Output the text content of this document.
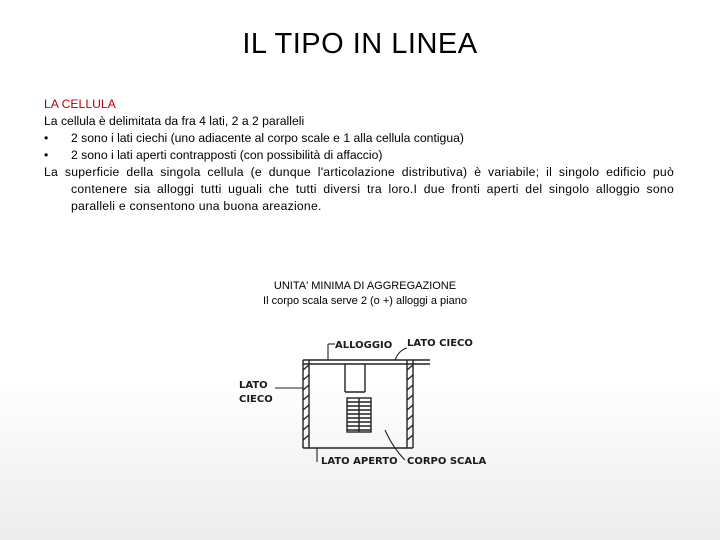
IL TIPO IN LINEA
LA CELLULA
La cellula è delimitata da fra 4 lati, 2 a 2 paralleli
•	2 sono i lati ciechi (uno adiacente al corpo scale e 1 alla cellula contigua)
•	2 sono i lati aperti contrapposti (con possibilità di affaccio)
La superficie della singola cellula (e dunque l'articolazione distributiva) è variabile; il singolo edificio può contenere sia alloggi tutti uguali che tutti diversi tra loro.I due fronti aperti del singolo alloggio sono paralleli e consentono una buona areazione.
UNITA' MINIMA DI AGGREGAZIONE
Il corpo scala serve 2 (o +) alloggi a piano
ALLOGGIO LATO CIECO
LATO
CIECO
LATO APERTO CORPO SCALA
